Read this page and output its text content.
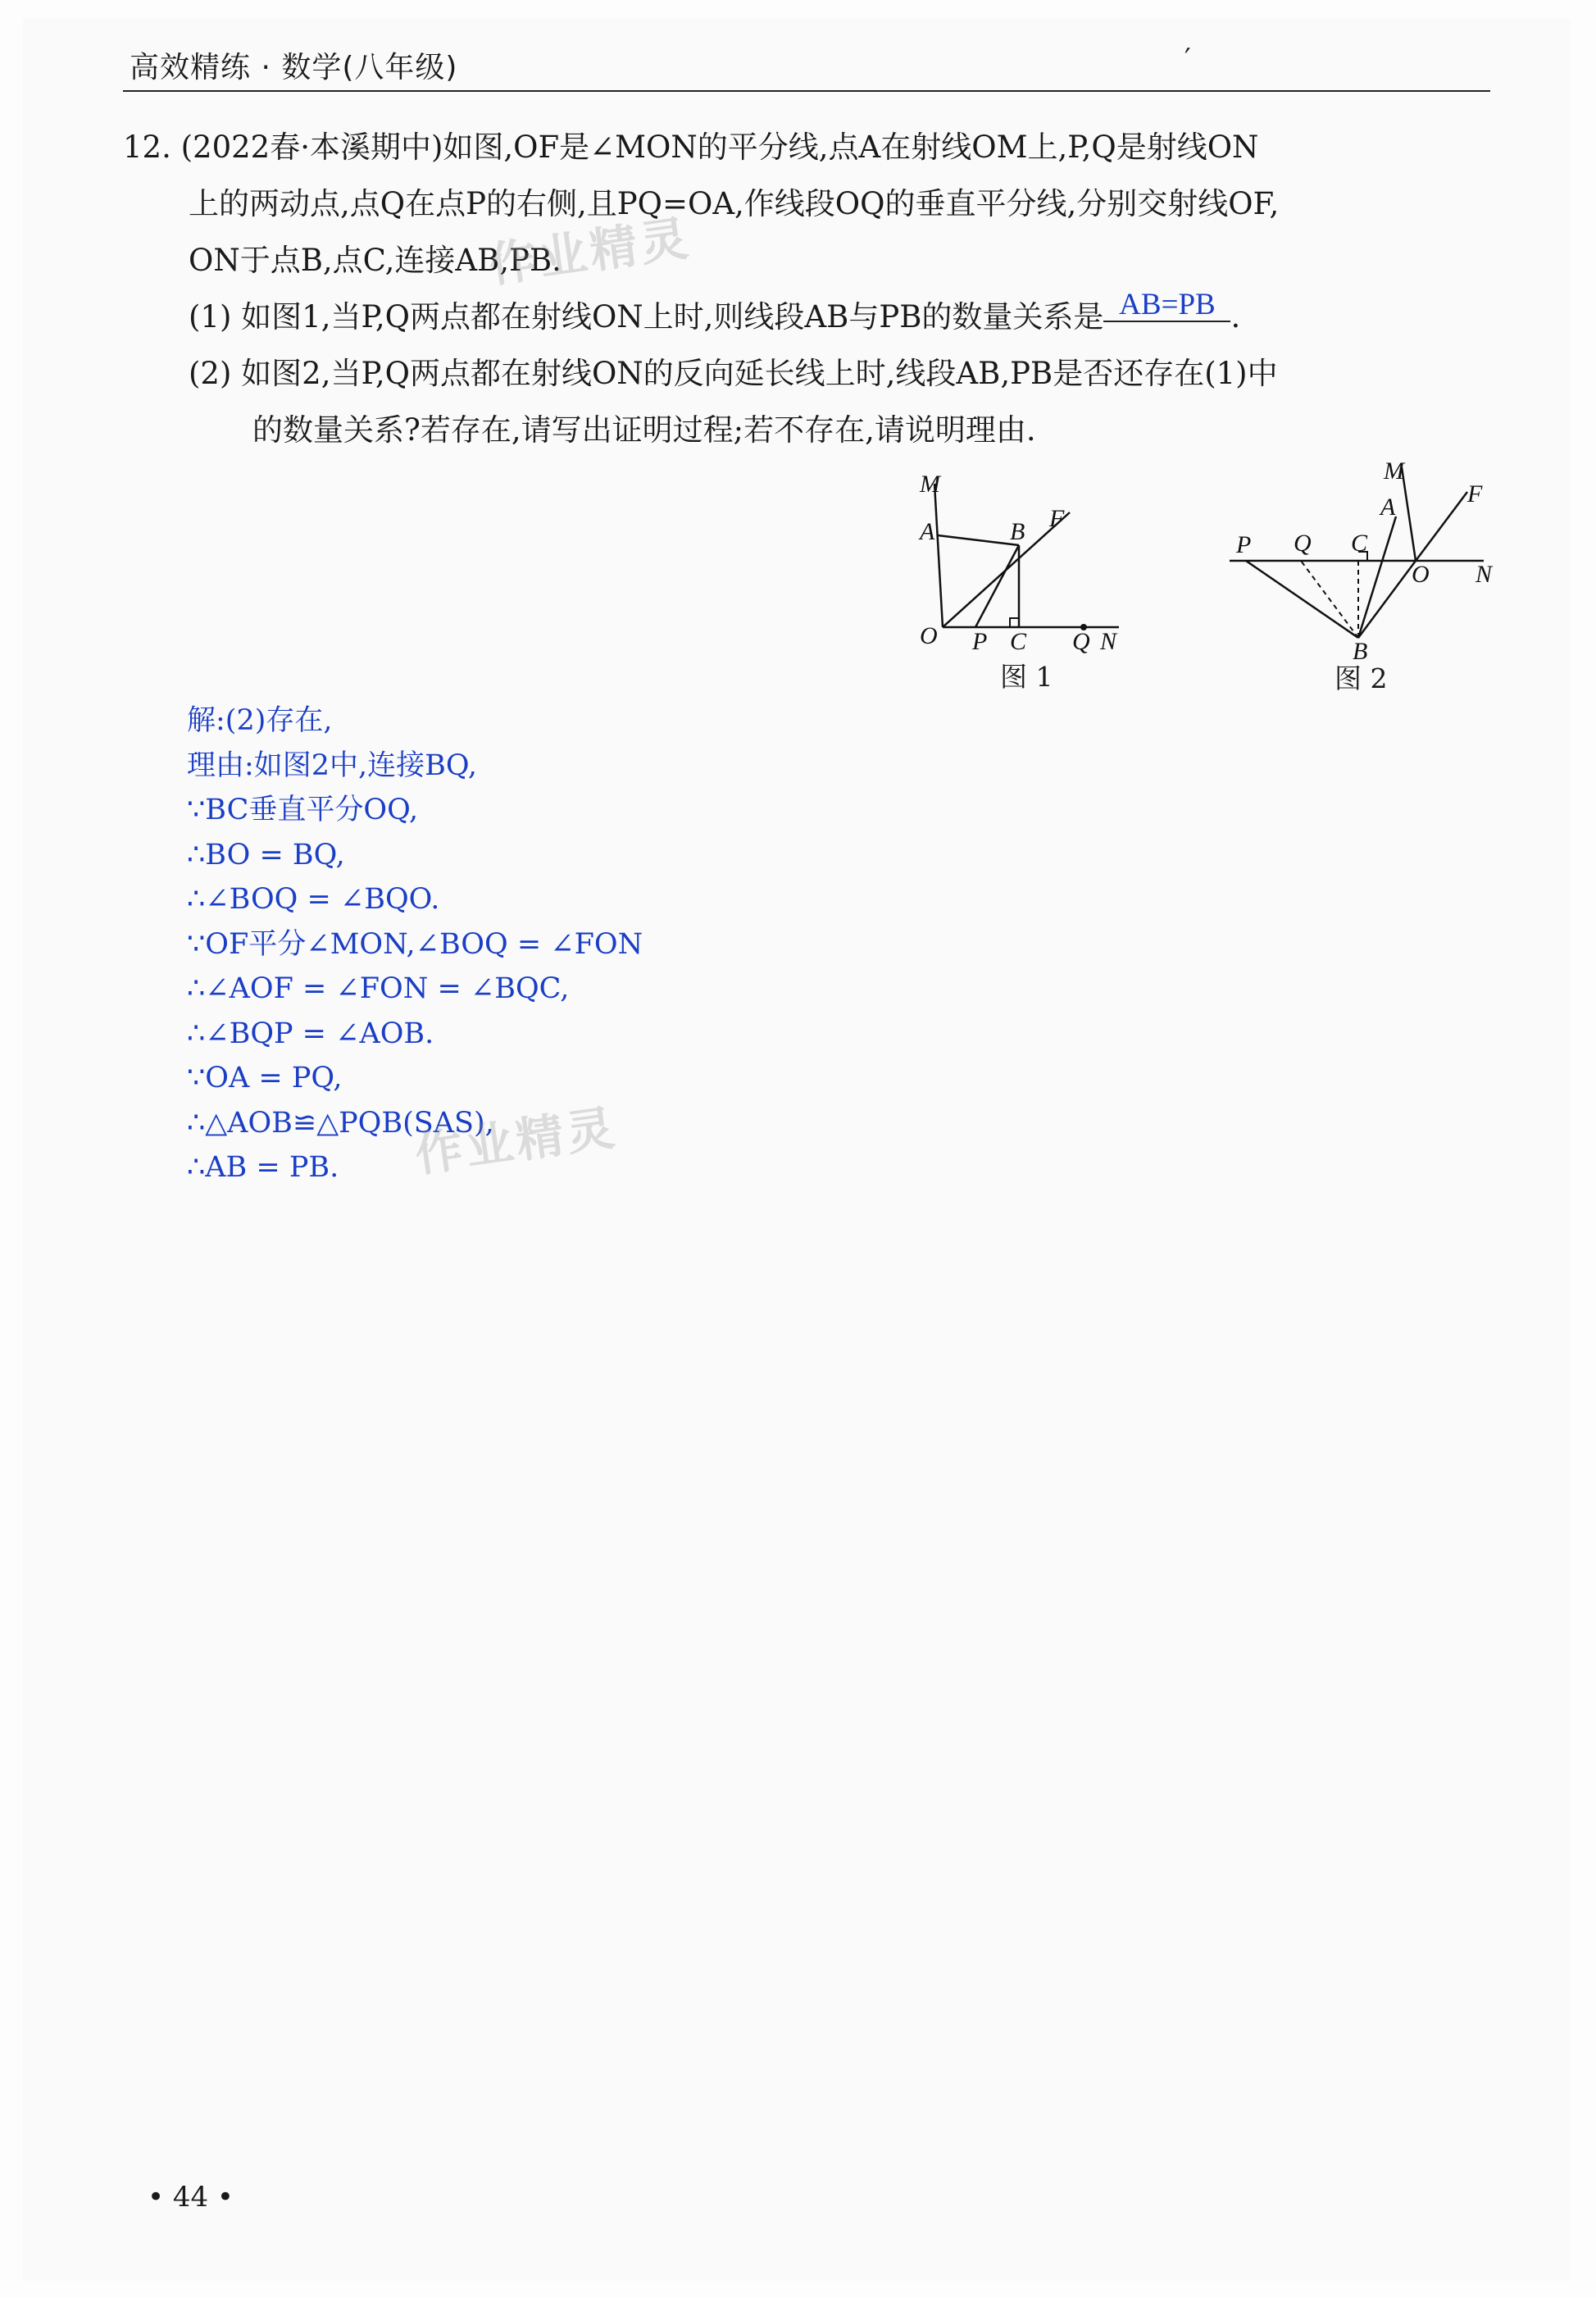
高效精练 · 数学(八年级)	′
12. (2022春·本溪期中)如图,OF是∠MON的平分线,点A在射线OM上,P,Q是射线ON
上的两动点,点Q在点P的右侧,且PQ=OA,作线段OQ的垂直平分线,分别交射线OF,
ON于点B,点C,连接AB,PB.
(1) 如图1,当P,Q两点都在射线ON上时,则线段AB与PB的数量关系是 AB=PB .
(2) 如图2,当P,Q两点都在射线ON的反向延长线上时,线段AB,PB是否还存在(1)中
的数量关系?若存在,请写出证明过程;若不存在,请说明理由.
M
A	B F
O P C Q N
图 1
M
A	F
P Q C
O N
B
图 2
解:(2)存在,
理由:如图2中,连接BQ,
∵BC垂直平分OQ,
∴BO = BQ,
∴∠BOQ = ∠BQO.
∵OF平分∠MON,∠BOQ = ∠FON
∴∠AOF = ∠FON = ∠BQC,
∴∠BQP = ∠AOB.
∵OA = PQ,
∴△AOB≌△PQB(SAS),
∴AB = PB.
作业精灵
作业精灵
• 44 •
